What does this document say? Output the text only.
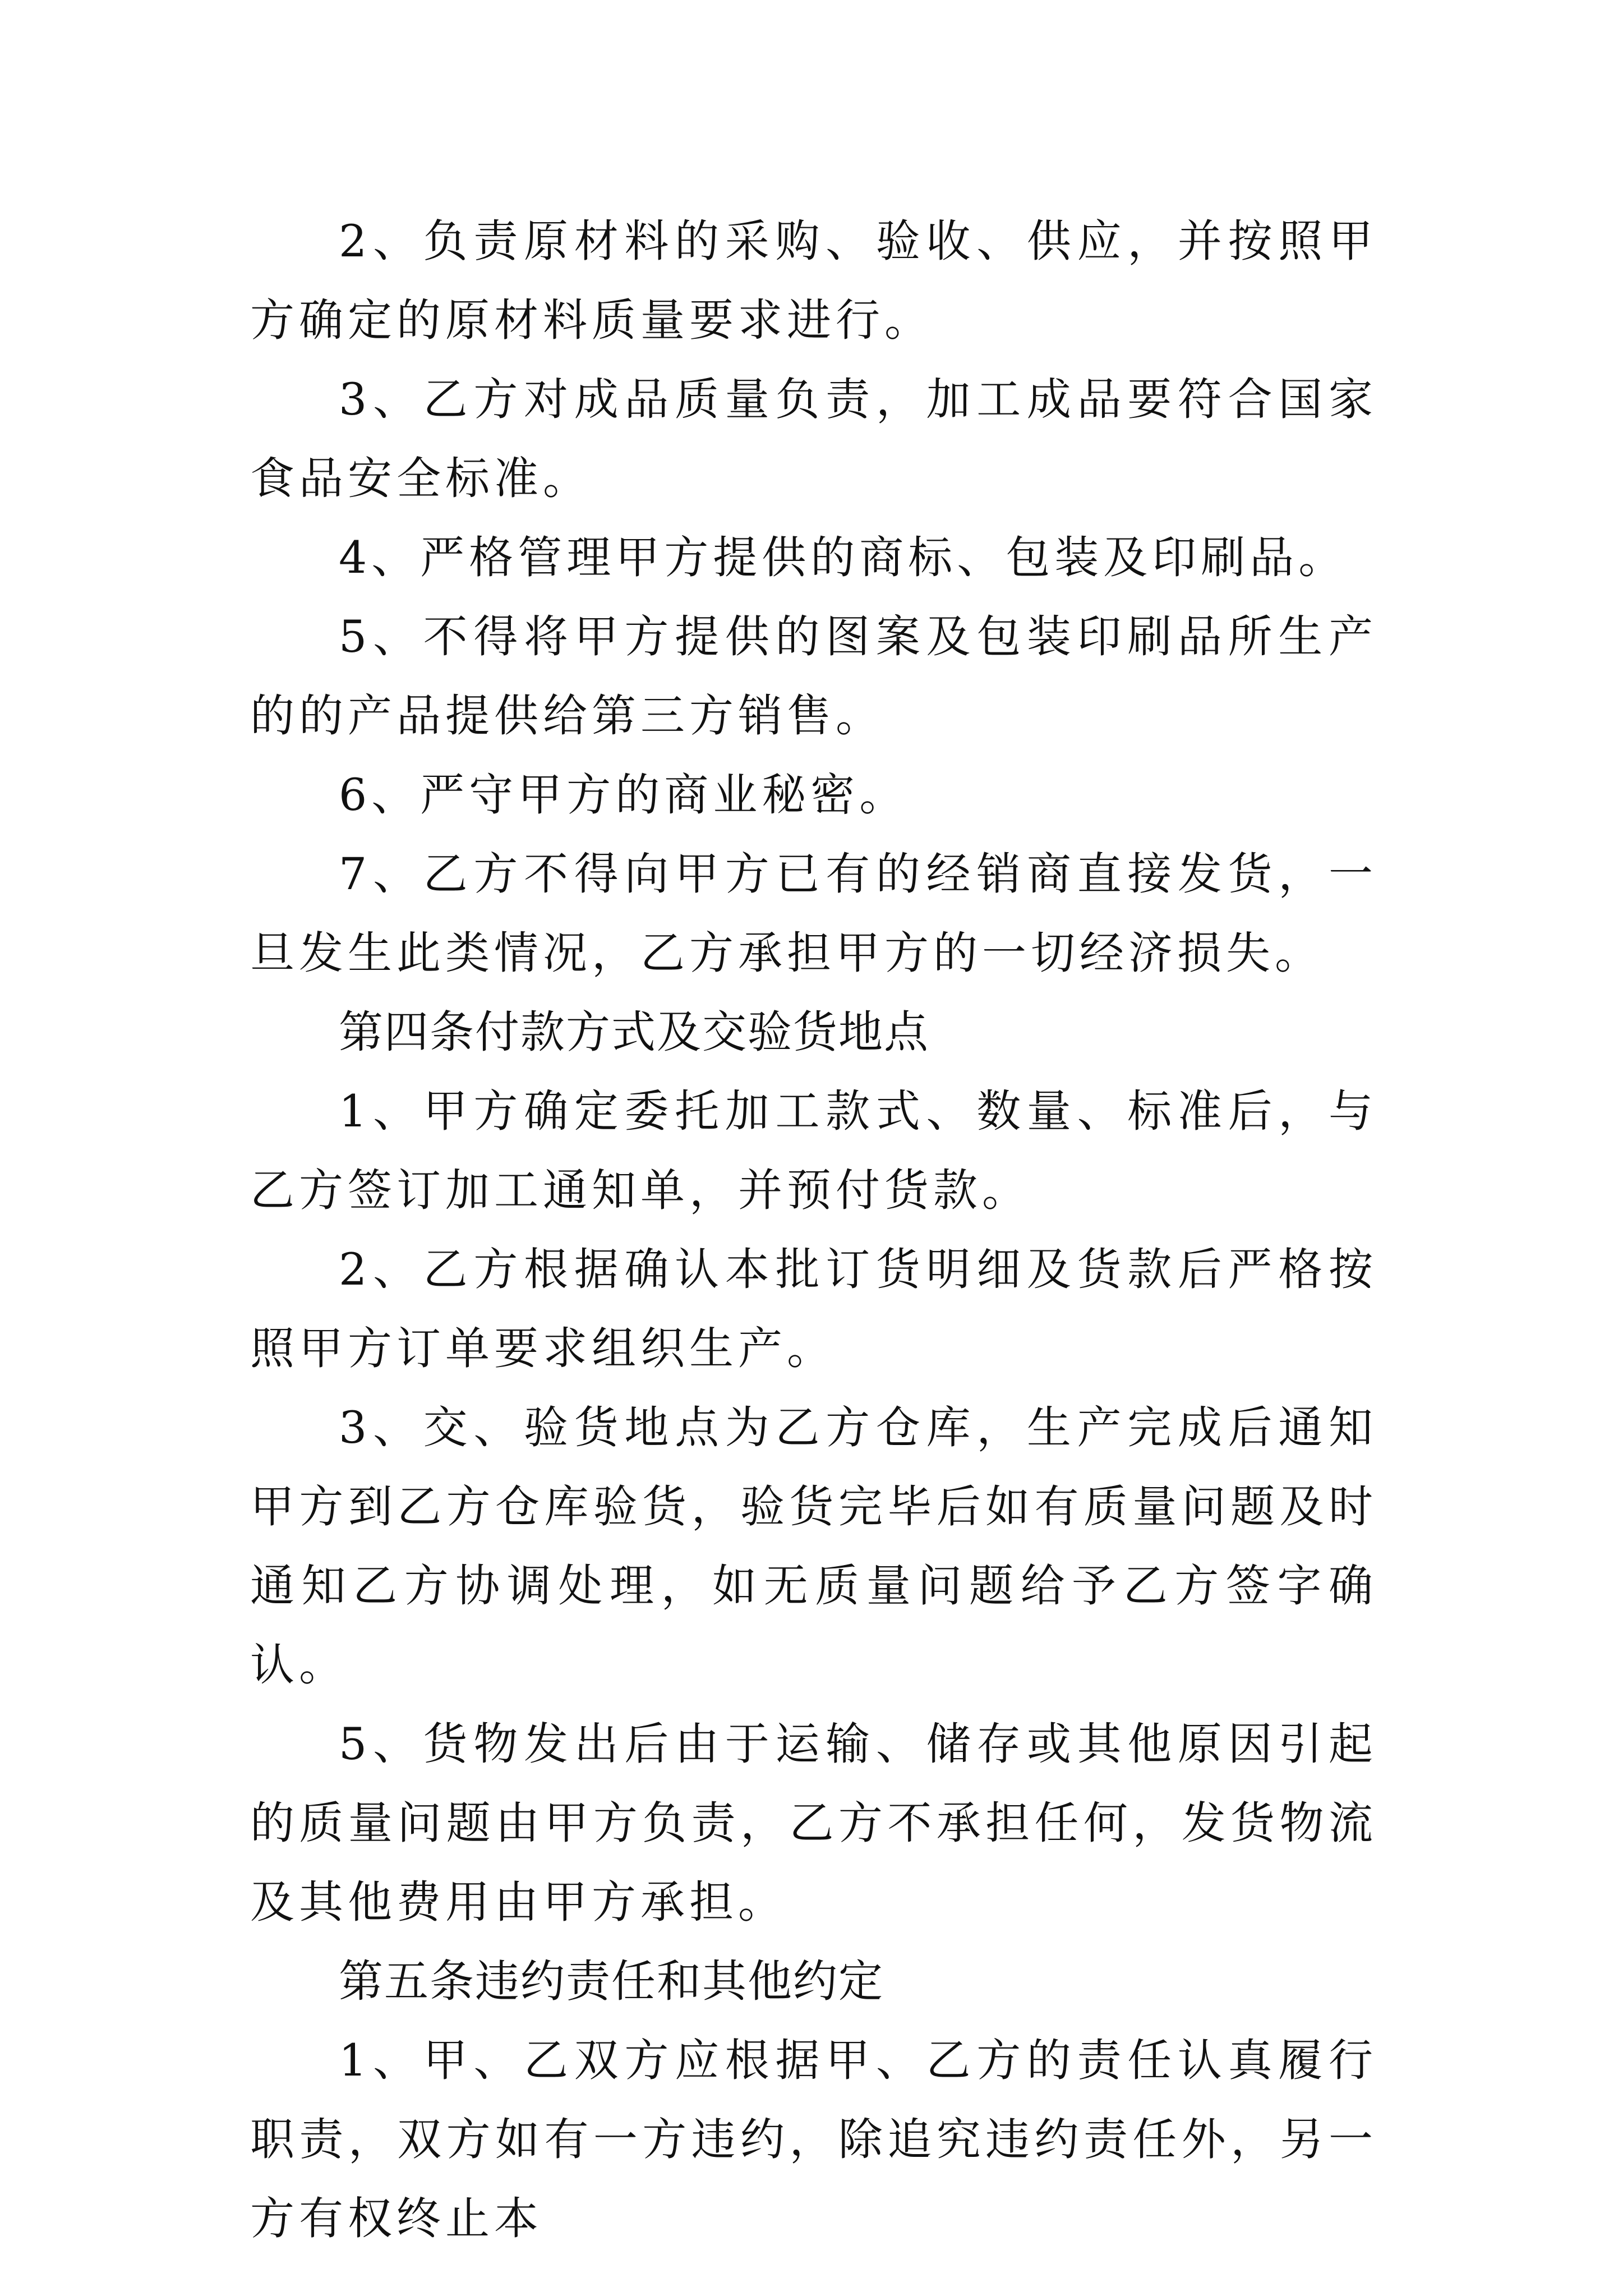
2、负责原材料的采购、验收、供应，并按照甲方确定的原材料质量要求进行。

3、乙方对成品质量负责，加工成品要符合国家食品安全标准。

4、严格管理甲方提供的商标、包装及印刷品。

5、不得将甲方提供的图案及包装印刷品所生产的的产品提供给第三方销售。

6、严守甲方的商业秘密。

7、乙方不得向甲方已有的经销商直接发货，一旦发生此类情况，乙方承担甲方的一切经济损失。

第四条付款方式及交验货地点

1、甲方确定委托加工款式、数量、标准后，与乙方签订加工通知单，并预付货款。

2、乙方根据确认本批订货明细及货款后严格按照甲方订单要求组织生产。

3、交、验货地点为乙方仓库，生产完成后通知甲方到乙方仓库验货，验货完毕后如有质量问题及时通知乙方协调处理，如无质量问题给予乙方签字确认。

5、货物发出后由于运输、储存或其他原因引起的质量问题由甲方负责，乙方不承担任何，发货物流及其他费用由甲方承担。

第五条违约责任和其他约定

1、甲、乙双方应根据甲、乙方的责任认真履行职责，双方如有一方违约，除追究违约责任外，另一方有权终止本
